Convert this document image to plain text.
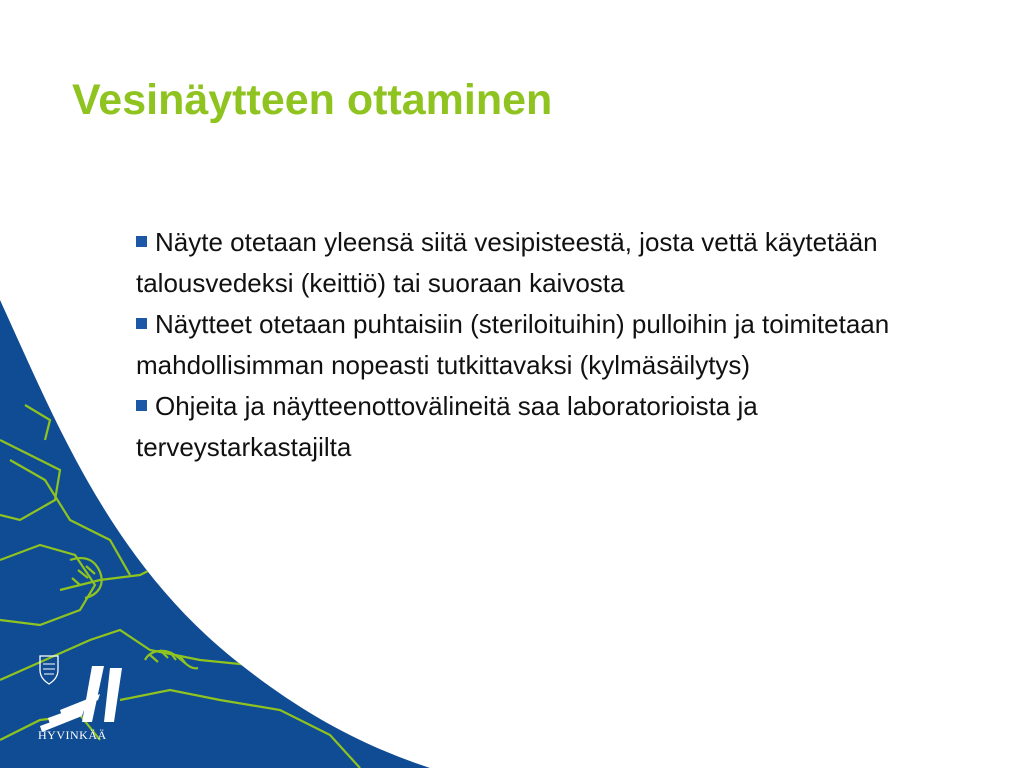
Vesinäytteen ottaminen
Näyte otetaan yleensä siitä vesipisteestä, josta vettä käytetään talousvedeksi (keittiö) tai suoraan kaivosta
Näytteet otetaan puhtaisiin (steriloituihin) pulloihin ja toimitetaan mahdollisimman nopeasti tutkittavaksi (kylmäsäilytys)
Ohjeita ja näytteenottovälineitä saa laboratorioista ja terveystarkastajilta
HYVINKÄÄ
